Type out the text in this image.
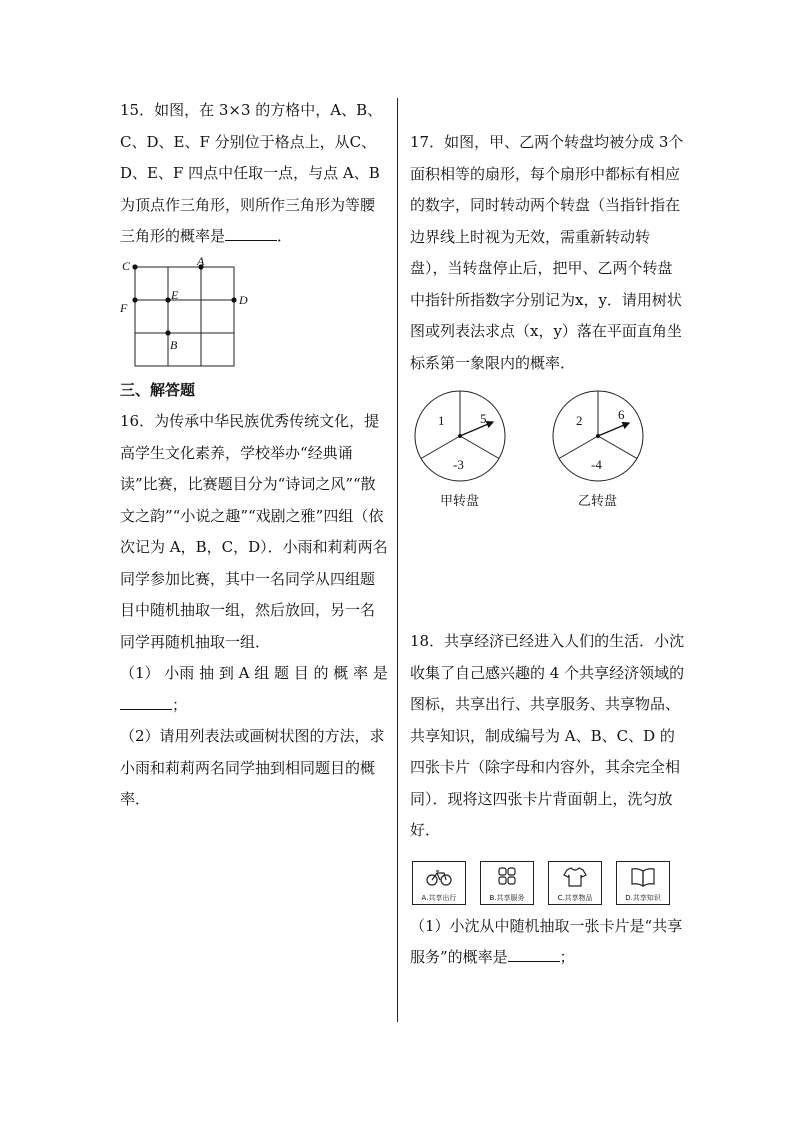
15．如图，在 3×3 的方格中，A、B、C、D、E、F 分别位于格点上，从C、D、E、F 四点中任取一点，与点 A、B为顶点作三角形，则所作三角形为等腰三角形的概率是	．

C	A
F
E	D
B

三、解答题

16．为传承中华民族优秀传统文化，提高学生文化素养，学校举办“经典诵读”比赛，比赛题目分为“诗词之风”“散文之韵”“小说之趣”“戏剧之雅”四组（依次记为 A，B，C，D）．小雨和莉莉两名同学参加比赛，其中一名同学从四组题目中随机抽取一组，然后放回，另一名同学再随机抽取一组．

（1） 小雨 抽 到 A 组 题 目 的 概 率 是 ；

（2）请用列表法或画树状图的方法，求小雨和莉莉两名同学抽到相同题目的概率．

17．如图，甲、乙两个转盘均被分成 3个面积相等的扇形，每个扇形中都标有相应的数字，同时转动两个转盘（当指针指在边界线上时视为无效，需重新转动转盘），当转盘停止后，把甲、乙两个转盘中指针所指数字分别记为x，y．请用树状图或列表法求点（x，y）落在平面直角坐标系第一象限内的概率．

1	5
-3
甲转盘
2	6
-4
乙转盘

18．共享经济已经进入人们的生活．小沈收集了自己感兴趣的 4 个共享经济领域的图标，共享出行、共享服务、共享物品、共享知识，制成编号为 A、B、C、D 的四张卡片（除字母和内容外，其余完全相同）．现将这四张卡片背面朝上，洗匀放好．

A.共享出行	B.共享服务	C.共享物品	D.共享知识

（1）小沈从中随机抽取一张卡片是“共享服务”的概率是	；
